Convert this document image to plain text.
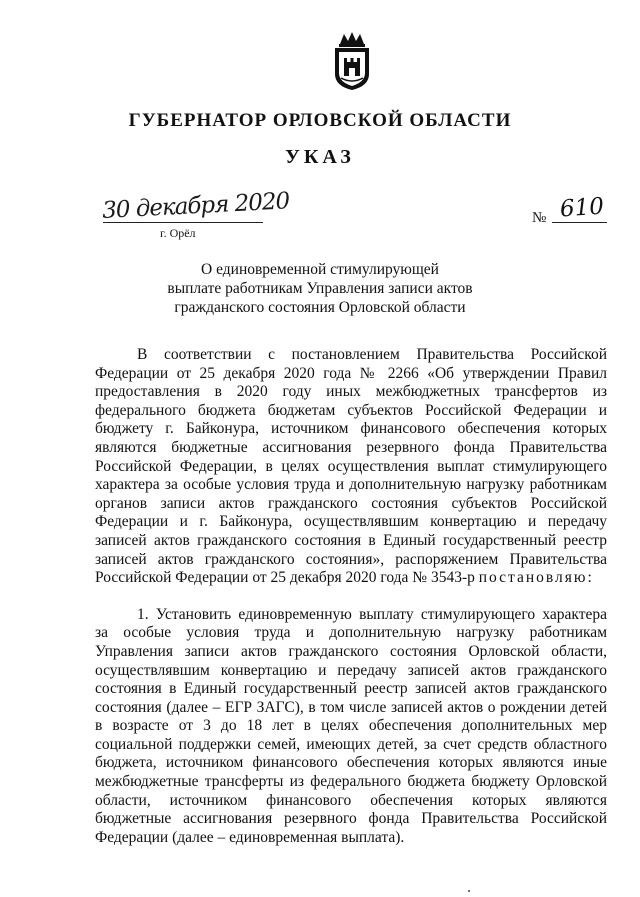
ГУБЕРНАТОР ОРЛОВСКОЙ ОБЛАСТИ
УКАЗ
30 декабря 2020
г. Орёл
№ 610
О единовременной стимулирующей
выплате работникам Управления записи актов
гражданского состояния Орловской области

В соответствии с постановлением Правительства Российской Федерации от 25 декабря 2020 года № 2266 «Об утверждении Правил предоставления в 2020 году иных межбюджетных трансфертов из федерального бюджета бюджетам субъектов Российской Федерации и бюджету г. Байконура, источником финансового обеспечения которых являются бюджетные ассигнования резервного фонда Правительства Российской Федерации, в целях осуществления выплат стимулирующего характера за особые условия труда и дополнительную нагрузку работникам органов записи актов гражданского состояния субъектов Российской Федерации и г. Байконура, осуществлявшим конвертацию и передачу записей актов гражданского состояния в Единый государственный реестр записей актов гражданского состояния», распоряжением Правительства Российской Федерации от 25 декабря 2020 года № 3543-р постановляю:

1. Установить единовременную выплату стимулирующего характера за особые условия труда и дополнительную нагрузку работникам Управления записи актов гражданского состояния Орловской области, осуществлявшим конвертацию и передачу записей актов гражданского состояния в Единый государственный реестр записей актов гражданского состояния (далее – ЕГР ЗАГС), в том числе записей актов о рождении детей в возрасте от 3 до 18 лет в целях обеспечения дополнительных мер социальной поддержки семей, имеющих детей, за счет средств областного бюджета, источником финансового обеспечения которых являются иные межбюджетные трансферты из федерального бюджета бюджету Орловской области, источником финансового обеспечения которых являются бюджетные ассигнования резервного фонда Правительства Российской Федерации (далее – единовременная выплата).
